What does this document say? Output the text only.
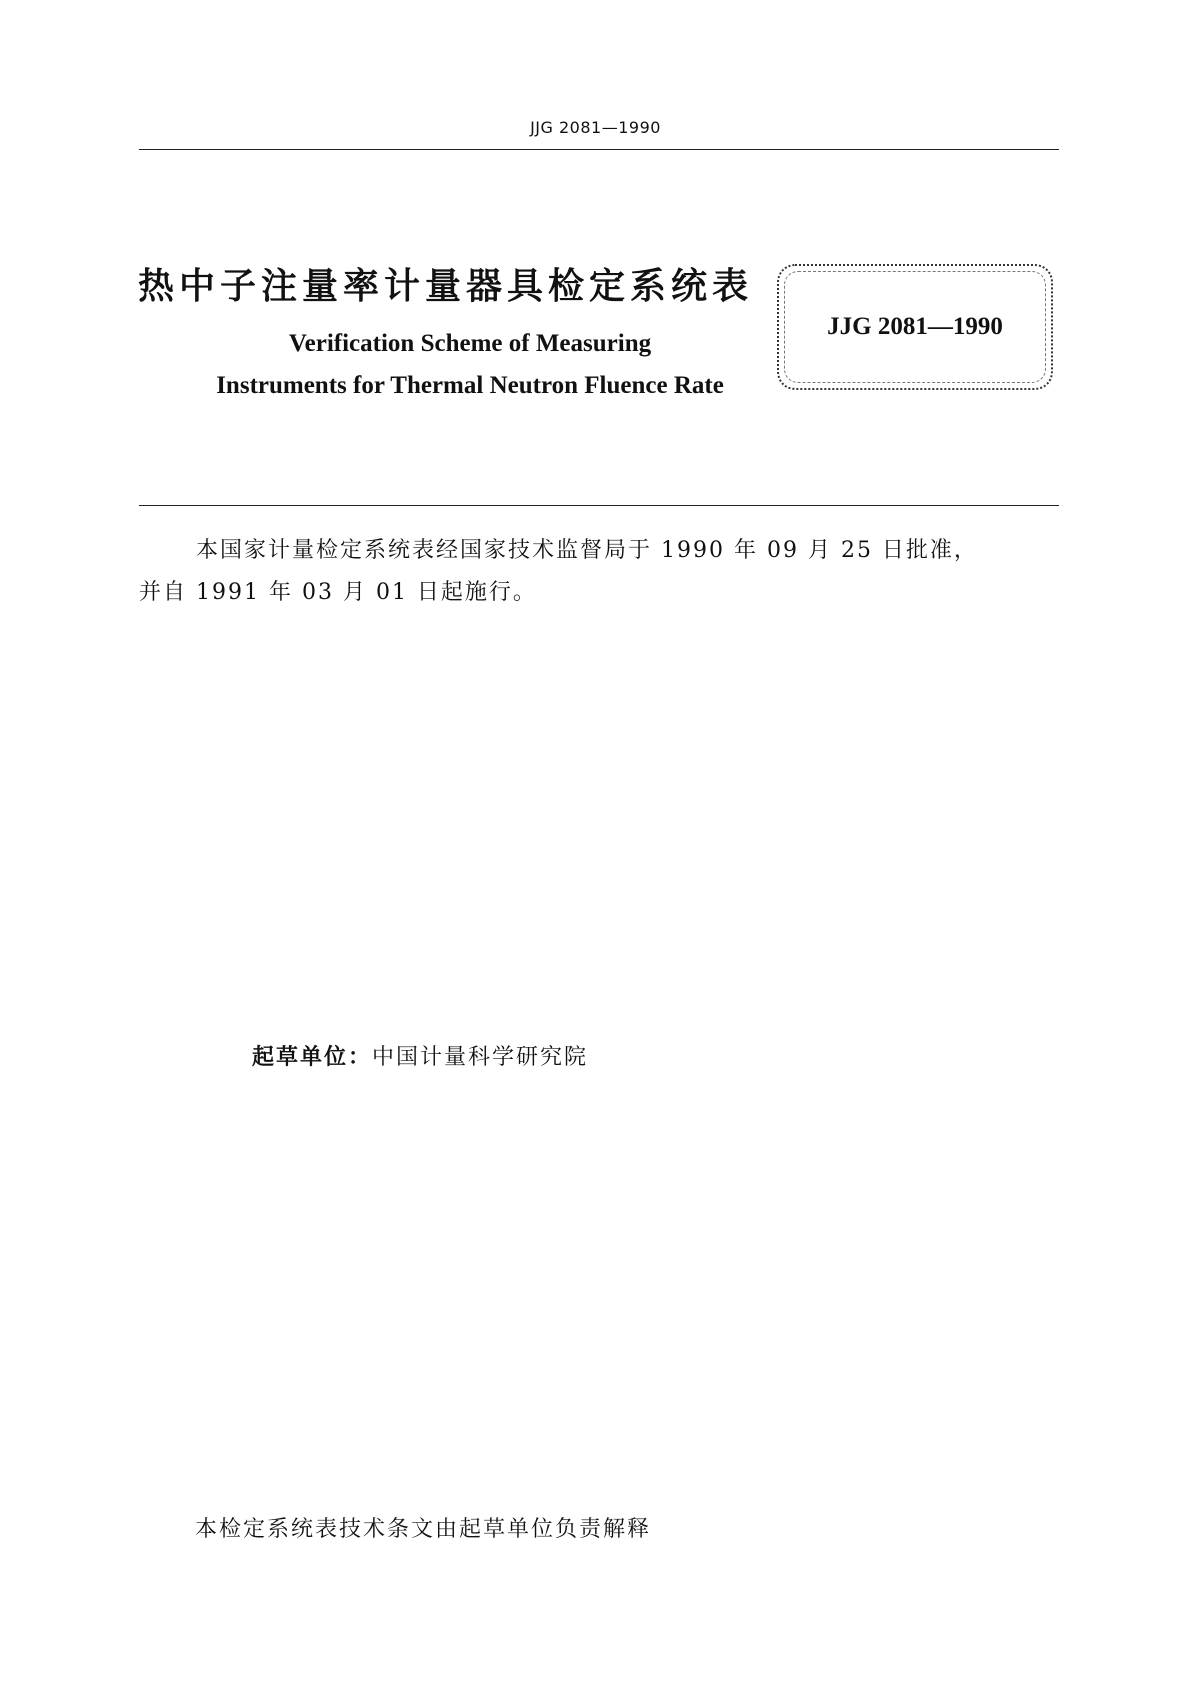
JJG 2081—1990
热中子注量率计量器具检定系统表
JJG 2081—1990
Verification Scheme of Measuring
Instruments for Thermal Neutron Fluence Rate
本国家计量检定系统表经国家技术监督局于 1990 年 09 月 25 日批准，
并自 1991 年 03 月 01 日起施行。
起草单位：中国计量科学研究院
本检定系统表技术条文由起草单位负责解释
